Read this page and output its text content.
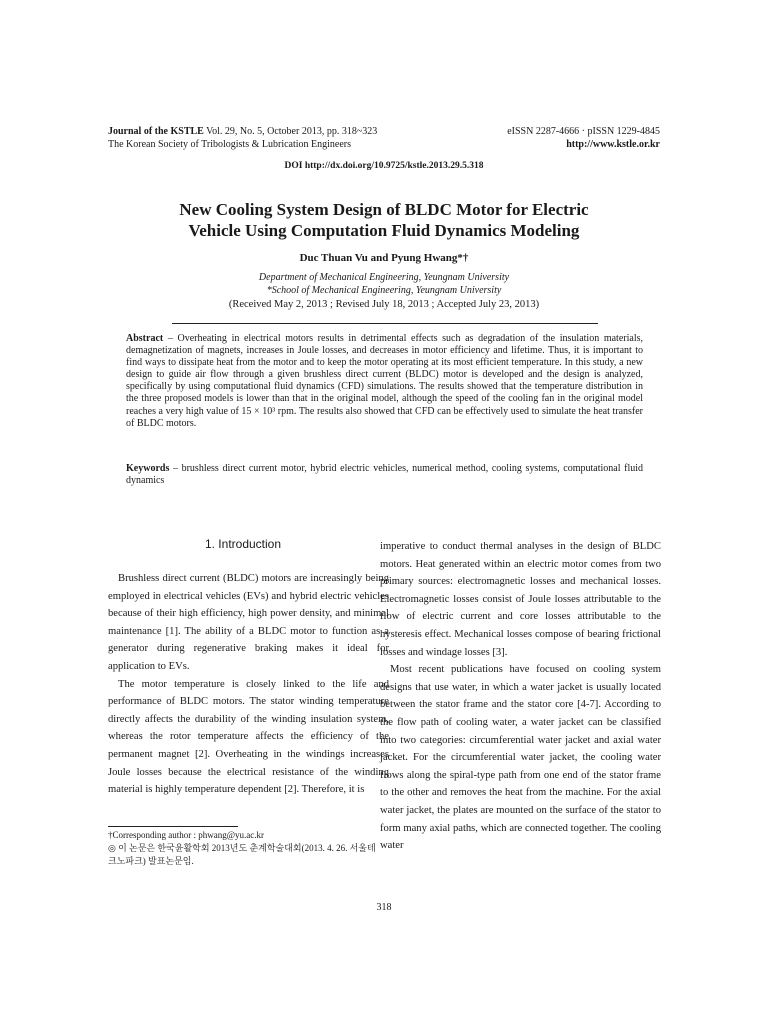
Journal of the KSTLE Vol. 29, No. 5, October 2013, pp. 318~323
The Korean Society of Tribologists & Lubrication Engineers
eISSN 2287-4666 · pISSN 1229-4845
http://www.kstle.or.kr
DOI http://dx.doi.org/10.9725/kstle.2013.29.5.318
New Cooling System Design of BLDC Motor for Electric
Vehicle Using Computation Fluid Dynamics Modeling
Duc Thuan Vu and Pyung Hwang*†
Department of Mechanical Engineering, Yeungnam University
*School of Mechanical Engineering, Yeungnam University
(Received May 2, 2013 ; Revised July 18, 2013 ; Accepted July 23, 2013)
Abstract – Overheating in electrical motors results in detrimental effects such as degradation of the insulation materials, demagnetization of magnets, increases in Joule losses, and decreases in motor efficiency and lifetime. Thus, it is important to find ways to dissipate heat from the motor and to keep the motor operating at its most efficient temperature. In this study, a new design to guide air flow through a given brushless direct current (BLDC) motor is developed and the design is analyzed, specifically by using computational fluid dynamics (CFD) simulations. The results showed that the temperature distribution in the three proposed models is lower than that in the original model, although the speed of the cooling fan in the original model reaches a very high value of 15 × 10³ rpm. The results also showed that CFD can be effectively used to simulate the heat transfer of BLDC motors.
Keywords – brushless direct current motor, hybrid electric vehicles, numerical method, cooling systems, computational fluid dynamics
1. Introduction

Brushless direct current (BLDC) motors are increasingly being employed in electrical vehicles (EVs) and hybrid electric vehicles because of their high efficiency, high power density, and minimal maintenance [1]. The ability of a BLDC motor to function as a generator during regenerative braking makes it ideal for application to EVs.

The motor temperature is closely linked to the life and performance of BLDC motors. The stator winding temperature directly affects the durability of the winding insulation system, whereas the rotor temperature affects the efficiency of the permanent magnet [2]. Overheating in the windings increases Joule losses because the electrical resistance of the winding material is highly temperature dependent [2]. Therefore, it is

imperative to conduct thermal analyses in the design of BLDC motors. Heat generated within an electric motor comes from two primary sources: electromagnetic losses and mechanical losses. Electromagnetic losses consist of Joule losses attributable to the flow of electric current and core losses attributable to the hysteresis effect. Mechanical losses compose of bearing frictional losses and windage losses [3].

Most recent publications have focused on cooling system designs that use water, in which a water jacket is usually located between the stator frame and the stator core [4-7]. According to the flow path of cooling water, a water jacket can be classified into two categories: circumferential water jacket and axial water jacket. For the circumferential water jacket, the cooling water flows along the spiral-type path from one end of the stator frame to the other and removes the heat from the machine. For the axial water jacket, the plates are mounted on the surface of the stator to form many axial paths, which are connected together. The cooling water

†Corresponding author : phwang@yu.ac.kr
◎ 이 논문은 한국윤활학회 2013년도 춘계학술대회(2013. 4. 26. 서울테크노파크) 발표논문임.
318
